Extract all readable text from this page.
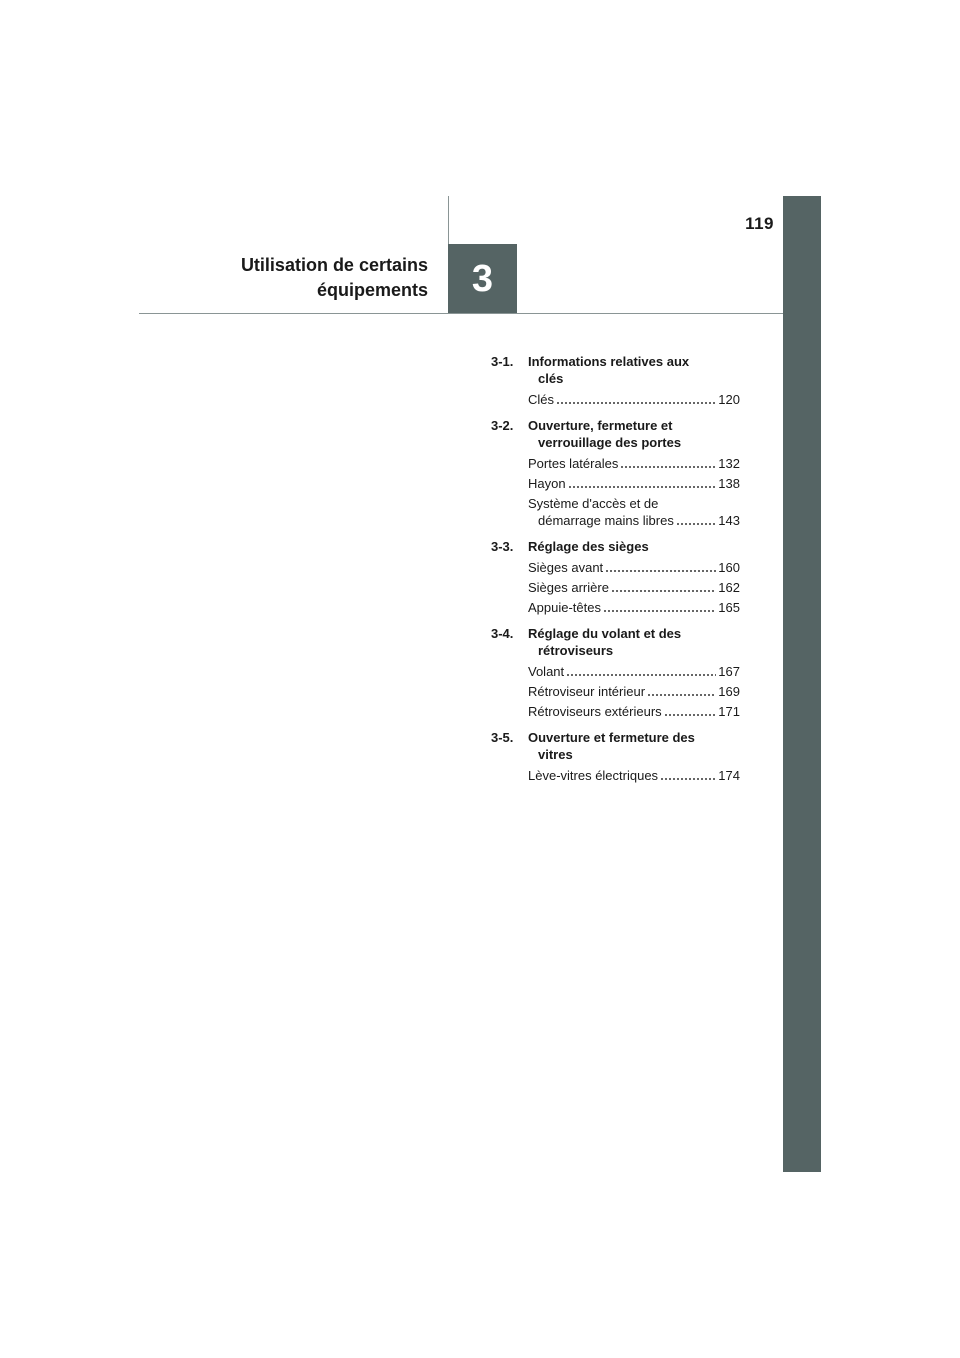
119
Utilisation de certains
équipements	3
3-1.	Informations relatives aux
clés
Clés	120
3-2.	Ouverture, fermeture et
verrouillage des portes
Portes latérales	132
Hayon	138
Système d'accès et de
démarrage mains libres	143
3-3.	Réglage des sièges
Sièges avant	160
Sièges arrière	162
Appuie-têtes	165
3-4.	Réglage du volant et des
rétroviseurs
Volant	167
Rétroviseur intérieur	169
Rétroviseurs extérieurs	171
3-5.	Ouverture et fermeture des
vitres
Lève-vitres électriques	174
